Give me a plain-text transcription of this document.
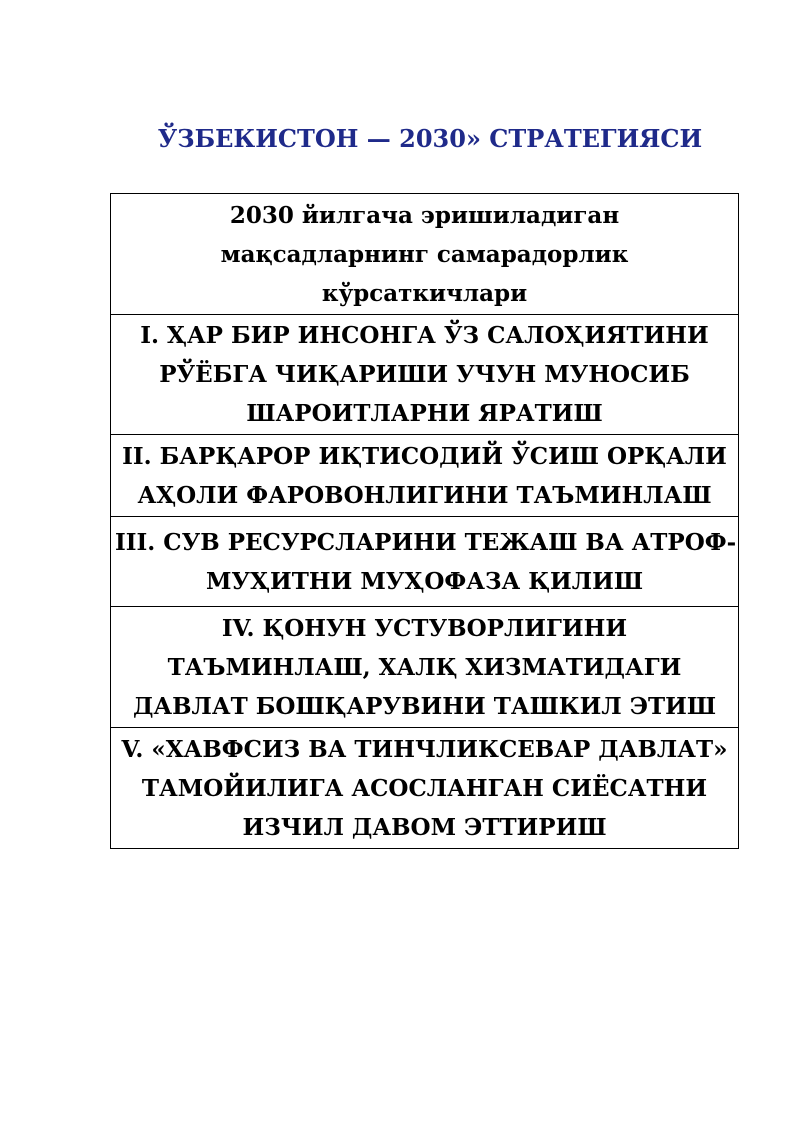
ЎЗБЕКИСТОН — 2030» СТРАТЕГИЯСИ
2030 йилгача эришиладиган
мақсадларнинг самарадорлик
кўрсаткичлари

I. ҲАР БИР ИНСОНГА ЎЗ САЛОҲИЯТИНИ
РЎЁБГА ЧИҚАРИШИ УЧУН МУНОСИБ
ШАРОИТЛАРНИ ЯРАТИШ

II. БАРҚАРОР ИҚТИСОДИЙ ЎСИШ ОРҚАЛИ
АҲОЛИ ФАРОВОНЛИГИНИ ТАЪМИНЛАШ

III. СУВ РЕСУРСЛАРИНИ ТЕЖАШ ВА АТРОФ-
МУҲИТНИ МУҲОФАЗА ҚИЛИШ

IV. ҚОНУН УСТУВОРЛИГИНИ
ТАЪМИНЛАШ, ХАЛҚ ХИЗМАТИДАГИ
ДАВЛАТ БОШҚАРУВИНИ ТАШКИЛ ЭТИШ

V. «ХАВФСИЗ ВА ТИНЧЛИКСЕВАР ДАВЛАТ»
ТАМОЙИЛИГА АСОСЛАНГАН СИЁСАТНИ
ИЗЧИЛ ДАВОМ ЭТТИРИШ
